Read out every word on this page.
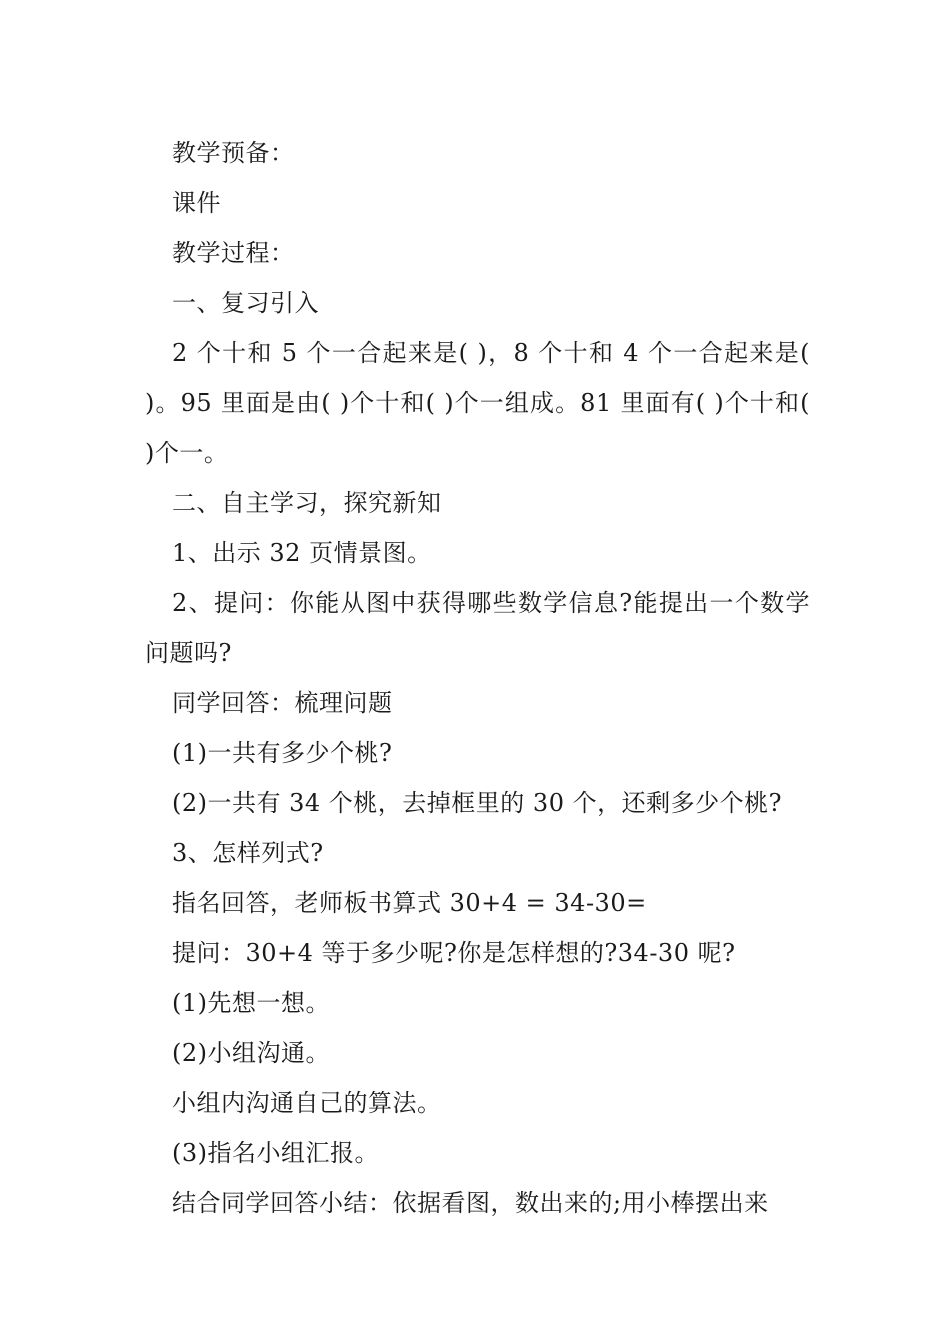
教学预备：

课件

教学过程：

一、复习引入

2 个十和 5 个一合起来是( )，8 个十和 4 个一合起来是( )。95 里面是由( )个十和( )个一组成。81 里面有( )个十和( )个一。

二、自主学习，探究新知

1、出示 32 页情景图。

2、提问：你能从图中获得哪些数学信息?能提出一个数学问题吗?

同学回答：梳理问题

(1)一共有多少个桃?

(2)一共有 34 个桃，去掉框里的 30 个，还剩多少个桃?

3、怎样列式?

指名回答，老师板书算式 30+4 = 34-30=

提问：30+4 等于多少呢?你是怎样想的?34-30 呢?

(1)先想一想。

(2)小组沟通。

小组内沟通自己的算法。

(3)指名小组汇报。

结合同学回答小结：依据看图，数出来的;用小棒摆出来
